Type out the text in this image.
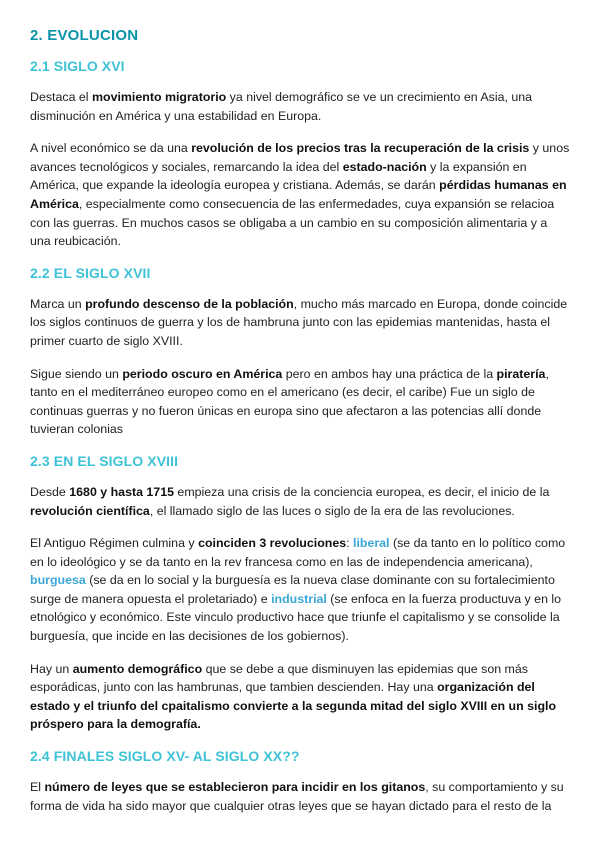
2. EVOLUCION
2.1 SIGLO XVI

Destaca el movimiento migratorio ya nivel demográfico se ve un crecimiento en Asia, una disminución en América y una estabilidad en Europa.

A nivel económico se da una revolución de los precios tras la recuperación de la crisis y unos avances tecnológicos y sociales, remarcando la idea del estado-nación y la expansión en América, que expande la ideología europea y cristiana. Además, se darán pérdidas humanas en América, especialmente como consecuencia de las enfermedades, cuya expansión se relacioa con las guerras. En muchos casos se obligaba a un cambio en su composición alimentaria y a una reubicación.

2.2 EL SIGLO XVII

Marca un profundo descenso de la población, mucho más marcado en Europa, donde coincide los siglos continuos de guerra y los de hambruna junto con las epidemias mantenidas, hasta el primer cuarto de siglo XVIII.

Sigue siendo un periodo oscuro en América pero en ambos hay una práctica de la piratería, tanto en el mediterráneo europeo como en el americano (es decir, el caribe) Fue un siglo de continuas guerras y no fueron únicas en europa sino que afectaron a las potencias allí donde tuvieran colonias

2.3 EN EL SIGLO XVIII

Desde 1680 y hasta 1715 empieza una crisis de la conciencia europea, es decir, el inicio de la revolución científica, el llamado siglo de las luces o siglo de la era de las revoluciones.

El Antiguo Régimen culmina y coinciden 3 revoluciones: liberal (se da tanto en lo político como en lo ideológico y se da tanto en la rev francesa como en las de independencia americana), burguesa (se da en lo social y la burguesía es la nueva clase dominante con su fortalecimiento surge de manera opuesta el proletariado) e industrial (se enfoca en la fuerza productuva y en lo etnológico y económico. Este vinculo productivo hace que triunfe el capitalismo y se consolide la burguesía, que incide en las decisiones de los gobiernos).

Hay un aumento demográfico que se debe a que disminuyen las epidemias que son más esporádicas, junto con las hambrunas, que tambien descienden. Hay una organización del estado y el triunfo del cpaitalismo convierte a la segunda mitad del siglo XVIII en un siglo próspero para la demografía.

2.4 FINALES SIGLO XV- AL SIGLO XX??

El número de leyes que se establecieron para incidir en los gitanos, su comportamiento y su forma de vida ha sido mayor que cualquier otras leyes que se hayan dictado para el resto de la
